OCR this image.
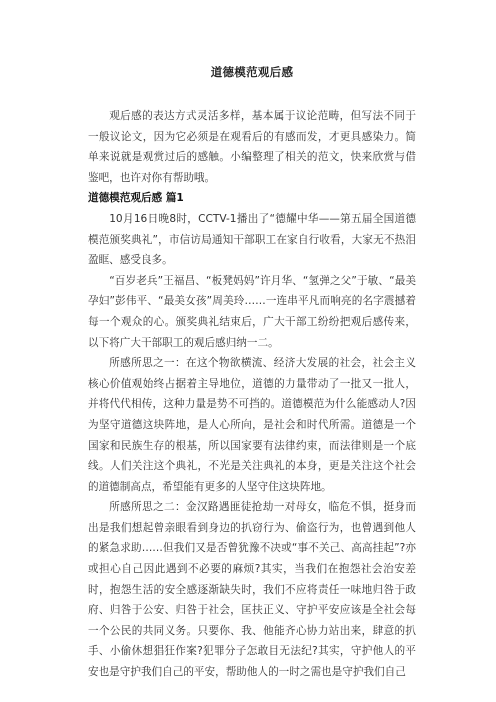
道德模范观后感

观后感的表达方式灵活多样，基本属于议论范畴，但写法不同于一般议论文，因为它必须是在观看后的有感而发，才更具感染力。简单来说就是观赏过后的感触。小编整理了相关的范文，快来欣赏与借鉴吧，也许对你有帮助哦。

道德模范观后感 篇1

10月16日晚8时，CCTV-1播出了“德耀中华——第五届全国道德模范颁奖典礼”，市信访局通知干部职工在家自行收看，大家无不热泪盈眶、感受良多。

“百岁老兵”王福昌、“板凳妈妈”许月华、“氢弹之父”于敏、“最美孕妇”彭伟平、“最美女孩”周美玲……一连串平凡而响亮的名字震撼着每一个观众的心。颁奖典礼结束后，广大干部工纷纷把观后感传来，以下将广大干部职工的观后感归纳一二。

所感所思之一：在这个物欲横流、经济大发展的社会，社会主义核心价值观始终占据着主导地位，道德的力量带动了一批又一批人，并将代代相传，这种力量是势不可挡的。道德模范为什么能感动人?因为坚守道德这块阵地，是人心所向，是社会和时代所需。道德是一个国家和民族生存的根基，所以国家要有法律约束，而法律则是一个底线。人们关注这个典礼，不光是关注典礼的本身，更是关注这个社会的道德制高点，希望能有更多的人坚守住这块阵地。

所感所思之二：金汉路遇匪徒抢劫一对母女，临危不惧，挺身而出是我们想起曾亲眼看到身边的扒窃行为、偷盗行为，也曾遇到他人的紧急求助……但我们又是否曾犹豫不决或“事不关己、高高挂起”?亦或担心自己因此遇到不必要的麻烦?其实，当我们在抱怨社会治安差时，抱怨生活的安全感逐渐缺失时，我们不应将责任一味地归咎于政府、归咎于公安、归咎于社会，匡扶正义、守护平安应该是全社会每一个公民的共同义务。只要你、我、他能齐心协力站出来，肆意的扒手、小偷休想猖狂作案?犯罪分子怎敢目无法纪?其实，守护他人的平安也是守护我们自己的平安，帮助他人的一时之需也是守护我们自己
